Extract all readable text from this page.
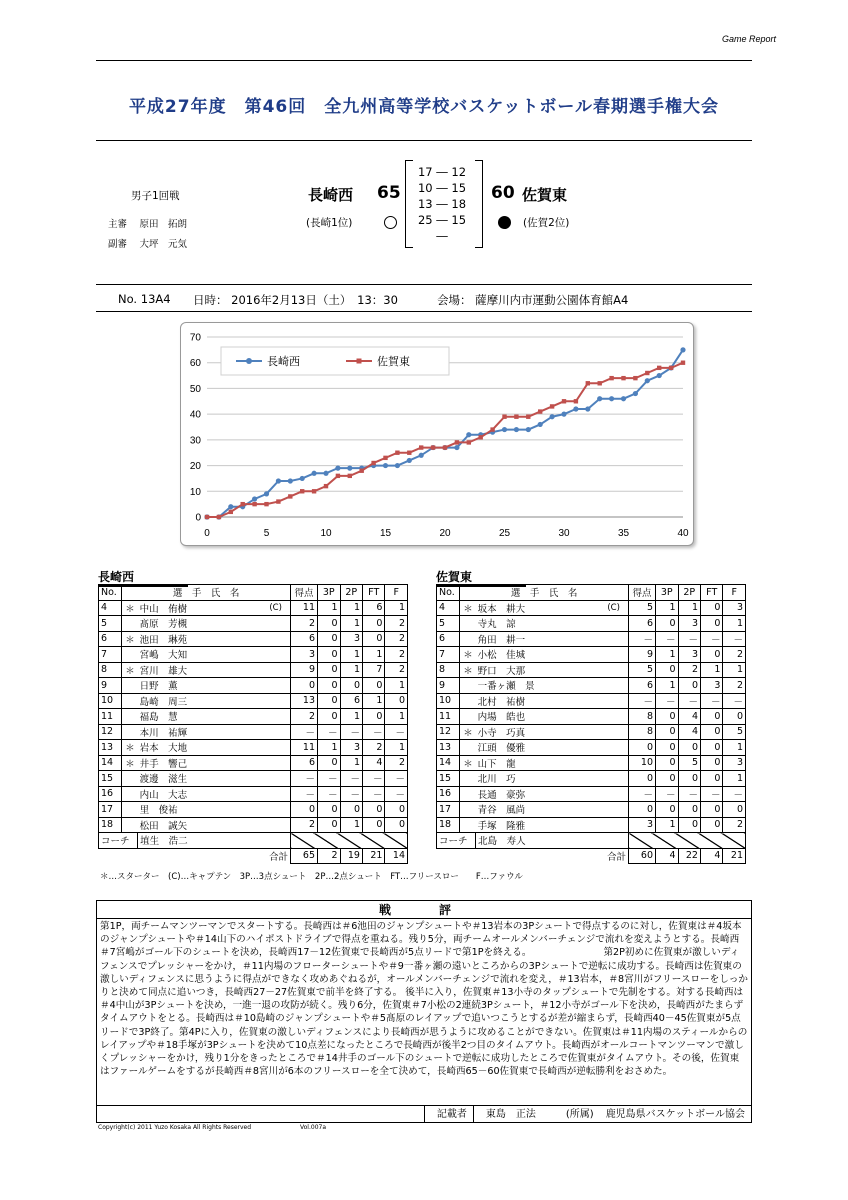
Game Report
平成27年度　第46回　全九州高等学校バスケットボール春期選手権大会
男子1回戦
主審　 原田　拓朗
副審　 大坪　元気
長崎西 65
(長崎1位)
17 ― 12
10 ― 15
13 ― 18
25 ― 15
―
60 佐賀東
(佐賀2位)
No. 13A4 日時： 2016年2月13日（土）　13：30	会場： 薩摩川内市運動公園体育館A4
0
10
20
30
40
50
60
70
0	5	10	15	20	25	30	35	40
長崎西	佐賀東
長崎西
No.	選　手　氏　名			得点	3P	2P	FT	F
4	＊	中山　侑樹	(C)	11	1	1	6	1
5		髙原　芳槻		2	0	1	0	2
6	＊	池田　琳苑		6	0	3	0	2
7		宮嶋　大知		3	0	1	1	2
8	＊	宮川　雄大		9	0	1	7	2
9		日野　薫		0	0	0	0	1
10		島崎　周三		13	0	6	1	0
11		福島　慧		2	0	1	0	1
12		本川　祐輝		－	－	－	－	－
13	＊	岩本　大地		11	1	3	2	1
14	＊	井手　響己		6	0	1	4	2
15		渡邊　滋生		－	－	－	－	－
16		内山　大志		－	－	－	－	－
17		里　俊祐		0	0	0	0	0
18		松田　誠矢		2	0	1	0	0
コーチ		埴生　浩二						
合計				65	2	19	21	14
佐賀東
No.	選　手　氏　名			得点	3P	2P	FT	F
4	＊	坂本　耕大	(C)	5	1	1	0	3
5		寺丸　諒		6	0	3	0	1
6		角田　耕一		－	－	－	－	－
7	＊	小松　佳城		9	1	3	0	2
8	＊	野口　大那		5	0	2	1	1
9		一番ヶ瀬　景		6	1	0	3	2
10		北村　祐樹		－	－	－	－	－
11		内場　皓也		8	0	4	0	0
12	＊	小寺　巧真		8	0	4	0	5
13		江頭　優雅		0	0	0	0	1
14	＊	山下　龍		10	0	5	0	3
15		北川　巧		0	0	0	0	1
16		長通　豪弥		－	－	－	－	－
17		青谷　風尚		0	0	0	0	0
18		手塚　隆雅		3	1	0	0	2
コーチ		北島　寿人						
合計				60	4	22	4	21
＊…スターター　(C)…キャプテン　3P…3点シュート　2P…2点シュート　FT…フリースロー　　F…ファウル
戦　評
第1P，両チームマンツーマンでスタートする。長崎西は＃6池田のジャンプシュートや＃13岩本の3Pシュートで得点するのに対し，佐賀東は＃4坂本のジャンプシュートや＃14山下のハイポストドライブで得点を重ねる。残り5分，両チームオールメンバーチェンジで流れを変えようとする。長崎西＃7宮嶋がゴール下のシュートを決め，長崎西17－12佐賀東で長崎西が5点リードで第1Pを終える。　　　　　　　　第2P初めに佐賀東が激しいディフェンスでプレッシャーをかけ，＃11内場のフローターシュートや＃9一番ヶ瀬の遠いところからの3Pシュートで逆転に成功する。長崎西は佐賀東の激しいディフェンスに思うように得点ができなく攻めあぐねるが，オールメンバーチェンジで流れを変え，＃13岩本，＃8宮川がフリースローをしっかりと決めて同点に追いつき，長崎西27－27佐賀東で前半を終了する。 後半に入り，佐賀東＃13小寺のタップシュートで先制をする。対する長崎西は＃4中山が3Pシュートを決め，一進一退の攻防が続く。残り6分，佐賀東＃7小松の2連続3Pシュート，＃12小寺がゴール下を決め，長崎西がたまらずタイムアウトをとる。長崎西は＃10島崎のジャンプシュートや＃5髙原のレイアップで追いつこうとするが差が縮まらず，長崎西40－45佐賀東が5点リードで3P終了。第4Pに入り，佐賀東の激しいディフェンスにより長崎西が思うように攻めることができない。佐賀東は＃11内場のスティールからのレイアップや＃18手塚が3Pシュートを決めて10点差になったところで長崎西が後半2つ目のタイムアウト。長崎西がオールコートマンツーマンで激しくプレッシャーをかけ，残り1分をきったところで＃14井手のゴール下のシュートで逆転に成功したところで佐賀東がタイムアウト。その後，佐賀東はファールゲームをするが長崎西＃8宮川が6本のフリースローを全て決めて，長崎西65－60佐賀東で長崎西が逆転勝利をおさめた。
記載者	東島　正法	(所属)	鹿児島県バスケットボール協会
Copyright(c) 2011 Yuzo Kosaka All Rights Reserved	Vol.007a
